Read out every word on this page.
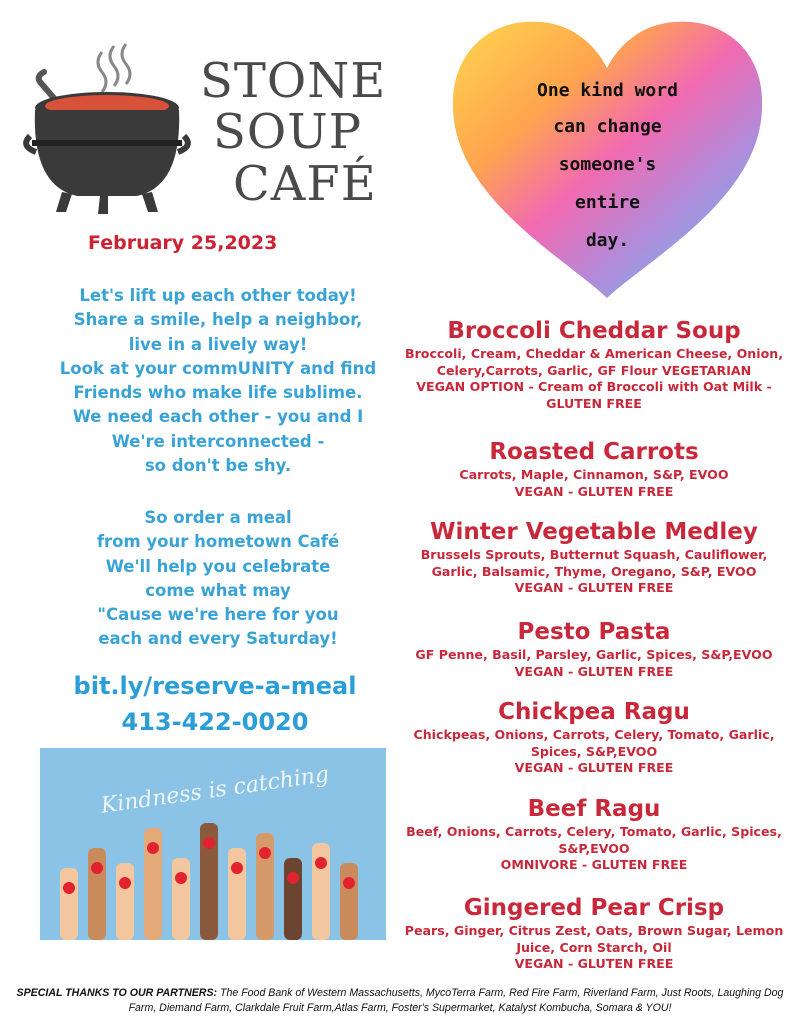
STONE
SOUP
CAFÉ
One kind word
can change
someone's
entire
day.
February 25,2023
Let's lift up each other today!
Share a smile, help a neighbor,
live in a lively way!
Look at your commUNITY and find
Friends who make life sublime.
We need each other - you and I
We're interconnected -
so don't be shy.
So order a meal
from your hometown Café
We'll help you celebrate
come what may
"Cause we're here for you
each and every Saturday!
bit.ly/reserve-a-meal
413-422-0020
Kindness is catching
Broccoli Cheddar Soup
Broccoli, Cream, Cheddar & American Cheese, Onion,
Celery,Carrots, Garlic, GF Flour VEGETARIAN
VEGAN OPTION - Cream of Broccoli with Oat Milk -
GLUTEN FREE
Roasted Carrots
Carrots, Maple, Cinnamon, S&P, EVOO
VEGAN - GLUTEN FREE
Winter Vegetable Medley
Brussels Sprouts, Butternut Squash, Cauliflower,
Garlic, Balsamic, Thyme, Oregano, S&P, EVOO
VEGAN - GLUTEN FREE
Pesto Pasta
GF Penne, Basil, Parsley, Garlic, Spices, S&P,EVOO
VEGAN - GLUTEN FREE
Chickpea Ragu
Chickpeas, Onions, Carrots, Celery, Tomato, Garlic,
Spices, S&P,EVOO
VEGAN - GLUTEN FREE
Beef Ragu
Beef, Onions, Carrots, Celery, Tomato, Garlic, Spices,
S&P,EVOO
OMNIVORE - GLUTEN FREE
Gingered Pear Crisp
Pears, Ginger, Citrus Zest, Oats, Brown Sugar, Lemon
Juice, Corn Starch, Oil
VEGAN - GLUTEN FREE
SPECIAL THANKS TO OUR PARTNERS: The Food Bank of Western Massachusetts, MycoTerra Farm, Red Fire Farm, Riverland Farm, Just Roots, Laughing Dog Farm, Diemand Farm, Clarkdale Fruit Farm,Atlas Farm, Foster's Supermarket, Katalyst Kombucha, Somara & YOU!
